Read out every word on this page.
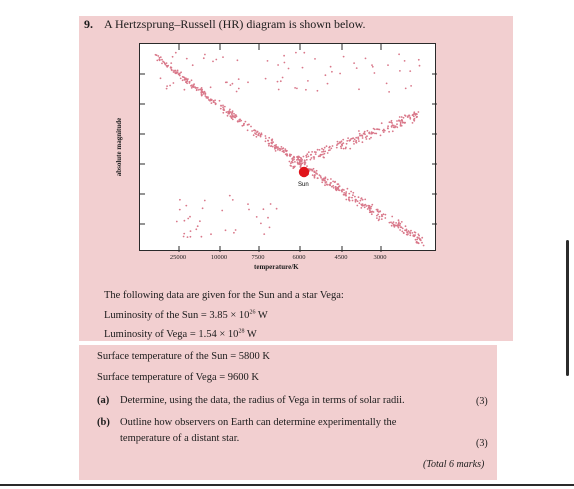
9. A Hertzsprung–Russell (HR) diagram is shown below.
absolute magnitude
Sun
25000	10000	7500	6000	4500	3000
temperature/K
The following data are given for the Sun and a star Vega:
Luminosity of the Sun = $3.85 \times 10^{26}$ W
Luminosity of Vega = $1.54 \times 10^{28}$ W
Surface temperature of the Sun = 5800 K
Surface temperature of Vega = 9600 K
(a) Determine, using the data, the radius of Vega in terms of solar radii.	(3)
(b) Outline how observers on Earth can determine experimentally the
temperature of a distant star.	(3)
(Total 6 marks)
